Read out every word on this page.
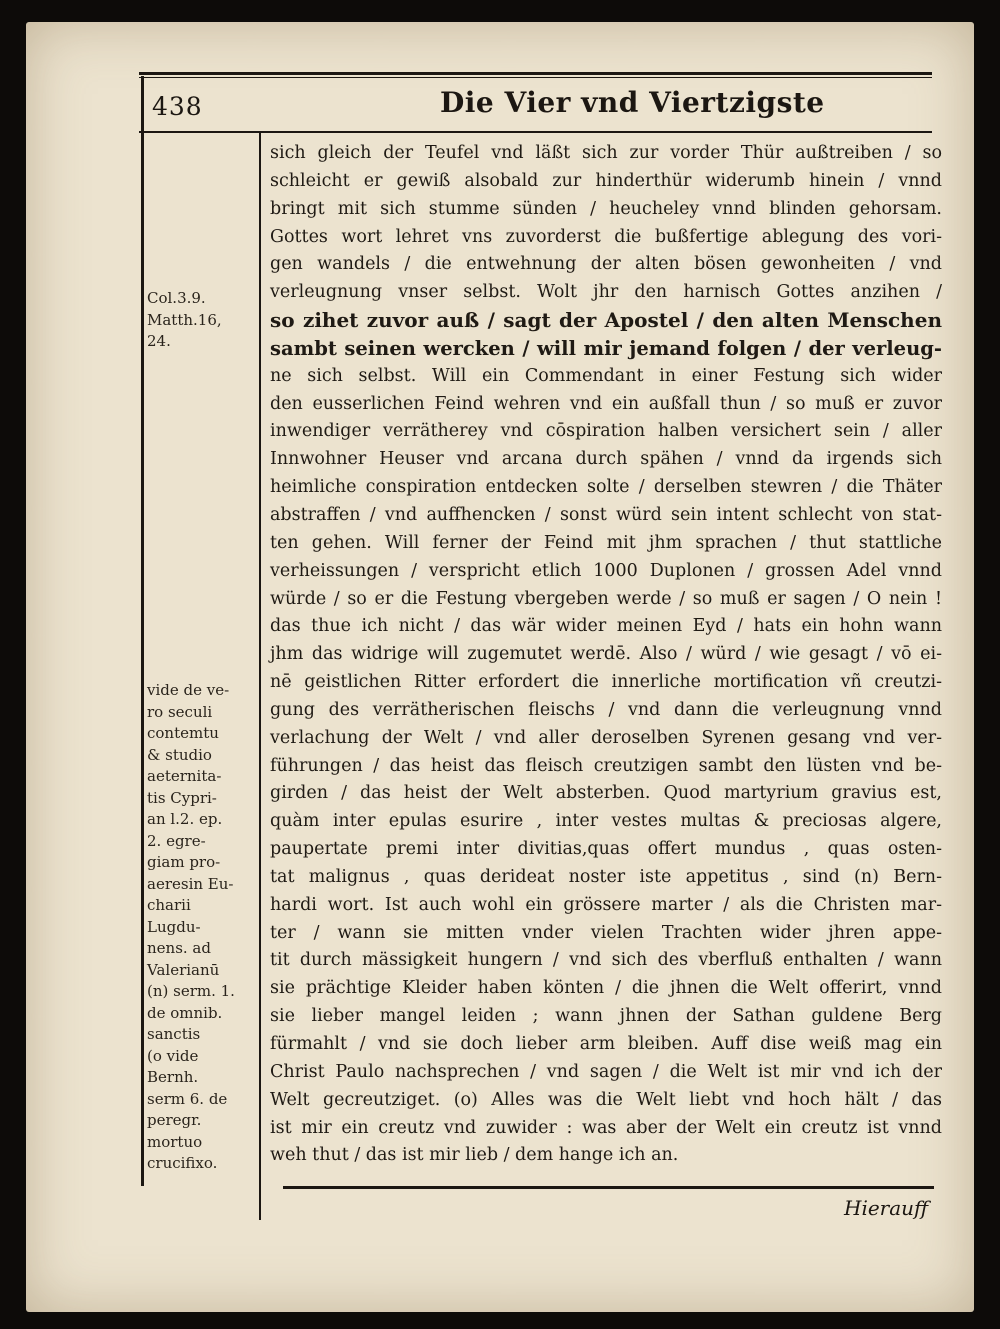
438	Die Vier vnd Viertzigste
Col.3.9.
Matth.16,
24.
vide de ve-
ro seculi
contemtu
& studio
aeternita-
tis Cypri-
an l.2. ep.
2. egre-
giam pro-
aeresin Eu-
charii
Lugdu-
nens. ad
Valerianū
(n) serm. 1.
de omnib.
sanctis
(o vide
Bernh.
serm 6. de
peregr.
mortuo
crucifixo.
sich gleich der Teufel vnd läßt sich zur vorder Thür außtreiben / so
schleicht er gewiß alsobald zur hinderthür widerumb hinein / vnnd
bringt mit sich stumme sünden / heucheley vnnd blinden gehorsam.
Gottes wort lehret vns zuvorderst die bußfertige ablegung des vori-
gen wandels / die entwehnung der alten bösen gewonheiten / vnd
verleugnung vnser selbst. Wolt jhr den harnisch Gottes anzihen /
so zihet zuvor auß / sagt der Apostel / den alten Menschen
sambt seinen wercken / will mir jemand folgen / der verleug-
ne sich selbst. Will ein Commendant in einer Festung sich wider
den eusserlichen Feind wehren vnd ein außfall thun / so muß er zuvor
inwendiger verrätherey vnd cōspiration halben versichert sein / aller
Innwohner Heuser vnd arcana durch spähen / vnnd da irgends sich
heimliche conspiration entdecken solte / derselben stewren / die Thäter
abstraffen / vnd auffhencken / sonst würd sein intent schlecht von stat-
ten gehen. Will ferner der Feind mit jhm sprachen / thut stattliche
verheissungen / verspricht etlich 1000 Duplonen / grossen Adel vnnd
würde / so er die Festung vbergeben werde / so muß er sagen / O nein !
das thue ich nicht / das wär wider meinen Eyd / hats ein hohn wann
jhm das widrige will zugemutet werdē. Also / würd / wie gesagt / vō ei-
nē geistlichen Ritter erfordert die innerliche mortification vñ creutzi-
gung des verrätherischen fleischs / vnd dann die verleugnung vnnd
verlachung der Welt / vnd aller deroselben Syrenen gesang vnd ver-
führungen / das heist das fleisch creutzigen sambt den lüsten vnd be-
girden / das heist der Welt absterben. Quod martyrium gravius est,
quàm inter epulas esurire , inter vestes multas & preciosas algere,
paupertate premi inter divitias,quas offert mundus , quas osten-
tat malignus , quas derideat noster iste appetitus , sind (n) Bern-
hardi wort. Ist auch wohl ein grössere marter / als die Christen mar-
ter / wann sie mitten vnder vielen Trachten wider jhren appe-
tit durch mässigkeit hungern / vnd sich des vberfluß enthalten / wann
sie prächtige Kleider haben könten / die jhnen die Welt offerirt, vnnd
sie lieber mangel leiden ; wann jhnen der Sathan guldene Berg
fürmahlt / vnd sie doch lieber arm bleiben. Auff dise weiß mag ein
Christ Paulo nachsprechen / vnd sagen / die Welt ist mir vnd ich der
Welt gecreutziget. (o) Alles was die Welt liebt vnd hoch hält / das
ist mir ein creutz vnd zuwider : was aber der Welt ein creutz ist vnnd
weh thut / das ist mir lieb / dem hange ich an.
Hierauff
